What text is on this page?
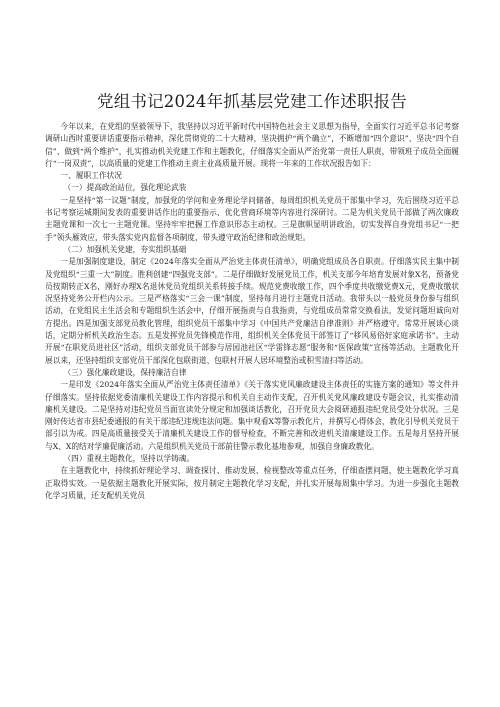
党组书记2024年抓基层党建工作述职报告

今年以来，在党组的坚毅领导下，我坚持以习近平新时代中国特色社会主义思想为指导，全面实行习近平总书记考察调研山西时重要讲话重要指示精神，深化贯彻党的二十大精神，坚决拥护“两个确立”，不断增加“四个意识”、坚决“四个自信”、做到“两个维护”，扎实推动机关党建工作和主题教化，仔细落实全面从严治党第一责任人职责，带领班子成员全面履行“一岗双责”，以高质量的党建工作推动主责主业高质量开展。现将一年来的工作状况报告如下：

一、履职工作状况

（一）提高政治站位，强化理论武装

一是坚持“第一议题”制度，加强党的学问和业务理论学问储备，每周组织机关党员干部集中学习，先后围绕习近平总书记考察运城期间发表的重要讲话作出的重要指示、优化营商环境等内容进行深研讨。二是为机关党员干部做了两次廉政主题党课和一次七一主题党课。坚持牢牢把握工作意识形态主动权。三是旗帜显明讲政治，切实发挥自身党组书记“一把手”领头雁效应，带头落实党内监督各项制度，带头遵守政治纪律和政治规矩。

（二）加强机关党建，夯实组织基础

一是加强制度建设，制定《2024年落实全面从严治党主体责任清单》，明确党组成员各自职责。仔细落实民主集中制及党组织“三重一大”制度。胜利创建“四强党支部”。二是仔细做好发展党员工作，机关支部今年培育发展对象X名，预备党员按期转正X名，刚好办理X名退休党员党组织关系转接手续。规范党费收缴工作，四个季度共收缴党费X元，党费收缴状况坚持党务公开栏内公示。三是严格落实“三会一课”制度，坚持每月进行主题党日活动。我带头以一般党员身份参与组织活动，在党组民主生活会和专题组织生活会中，仔细开展指责与自我指责，与党组成员常常交换看法，发觉问题坦诚向对方提出。四是加强支部党员教化管理，组织党员干部集中学习《中国共产党廉洁自律准则》并严格遵守。常常开展谈心谈话，定期分析机关政治生态。五是发挥党员先锋模范作用，组织机关全体党员干部签订了“移风易俗好家庭承诺书”。主动开展“在职党员进社区”活动，组织支部党员干部参与居园池社区“学雷锋志愿”服务和“医保政策”宣扬等活动。主题教化开展以来，还坚持组织支部党员干部深化包联街道、包联村开展人居环境整治或积雪清扫等活动。

（三）强化廉政建设，保持廉洁自律

一是印发《2024年落实全面从严治党主体责任清单》《关于落实党风廉政建设主体责任的实施方案的通知》等文件并仔细落实。坚持依据党委清廉机关建设工作内容提示和机关自主动作支配，召开机关党风廉政建设专题会议，扎实推动清廉机关建设。二是坚持对违纪党员当面宣读处分规定和加强谈话教化，召开党员大会阅研通报违纪党员受处分状况。三是刚好传达省市县纪委通报的有关干部违纪违规违法问题。集中观看X等警示教化片，并撰写心得体会，教化引导机关党员干部引以为戒。四是高质量接受关于清廉机关建设工作的督导检查，不断完善和改进机关清廉建设工作。五是每月坚持开展与X、X的结对学廉促廉活动。六是组织机关党员干部前往警示教化基地参观，加强自身廉政教化。

（四）重视主题教化，坚持以学铸魂。

在主题教化中，持续抓好理论学习、调查探讨、推动发展、检视整改等重点任务，仔细查摆问题，使主题教化学习真正取得实效。一是依据主题教化开展实际，按月制定主题教化学习支配，并扎实开展每周集中学习。为进一步强化主题教化学习质量，还支配机关党员
